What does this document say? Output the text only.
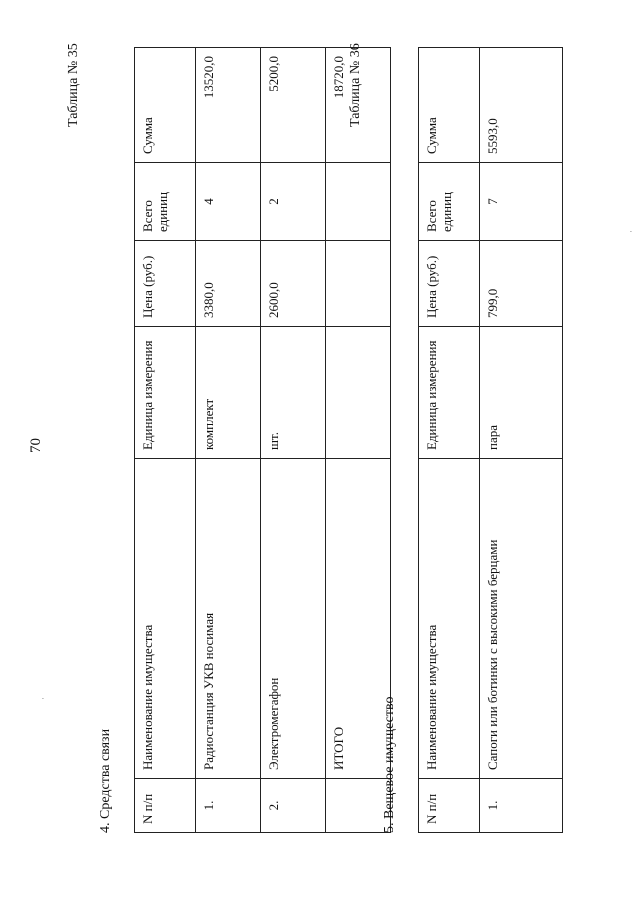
70
Таблица № 35
4. Средства связи N п/п	Наименование имущества	Единица измерения	Цена (руб.)	Всего единиц	Сумма
1.	Радиостанция УКВ носимая	комплект	3380,0	4	13520,0
2.	Электромегафон	шт.	2600,0	2	5200,0
	ИТОГО				18720,0 Таблица № 36
5. Вещевое имущество N п/п	Наименование имущества	Единица измерения	Цена (руб.)	Всего единиц	Сумма
1.	Сапоги или ботинки с высокими берцами	пара	799,0	7	5593,0
·
·
